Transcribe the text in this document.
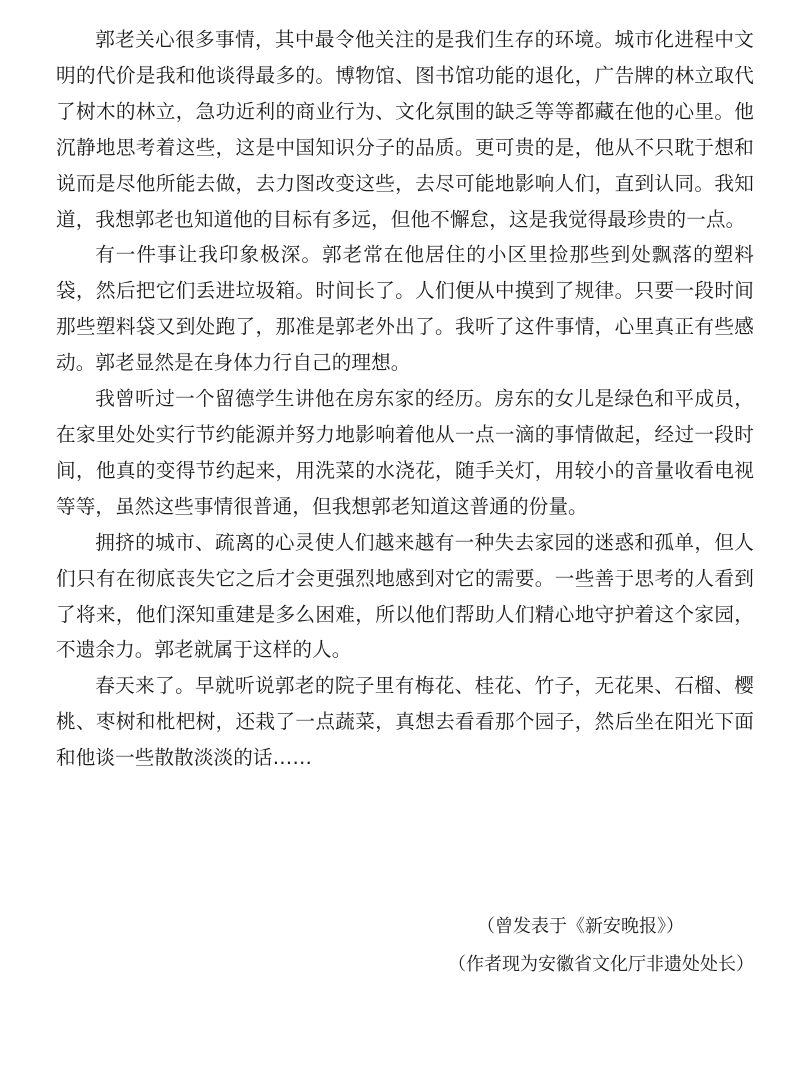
郭老关心很多事情，其中最令他关注的是我们生存的环境。城市化进程中文明的代价是我和他谈得最多的。博物馆、图书馆功能的退化，广告牌的林立取代了树木的林立，急功近利的商业行为、文化氛围的缺乏等等都藏在他的心里。他沉静地思考着这些，这是中国知识分子的品质。更可贵的是，他从不只耽于想和说而是尽他所能去做，去力图改变这些，去尽可能地影响人们，直到认同。我知道，我想郭老也知道他的目标有多远，但他不懈怠，这是我觉得最珍贵的一点。

有一件事让我印象极深。郭老常在他居住的小区里捡那些到处飘落的塑料袋，然后把它们丢进垃圾箱。时间长了。人们便从中摸到了规律。只要一段时间那些塑料袋又到处跑了，那准是郭老外出了。我听了这件事情，心里真正有些感动。郭老显然是在身体力行自己的理想。

我曾听过一个留德学生讲他在房东家的经历。房东的女儿是绿色和平成员，在家里处处实行节约能源并努力地影响着他从一点一滴的事情做起，经过一段时间，他真的变得节约起来，用洗菜的水浇花，随手关灯，用较小的音量收看电视等等，虽然这些事情很普通，但我想郭老知道这普通的份量。

拥挤的城市、疏离的心灵使人们越来越有一种失去家园的迷惑和孤单，但人们只有在彻底丧失它之后才会更强烈地感到对它的需要。一些善于思考的人看到了将来，他们深知重建是多么困难，所以他们帮助人们精心地守护着这个家园，不遗余力。郭老就属于这样的人。

春天来了。早就听说郭老的院子里有梅花、桂花、竹子，无花果、石榴、樱桃、枣树和枇杷树，还栽了一点蔬菜，真想去看看那个园子，然后坐在阳光下面和他谈一些散散淡淡的话……

（曾发表于《新安晚报》）
（作者现为安徽省文化厅非遗处处长）
